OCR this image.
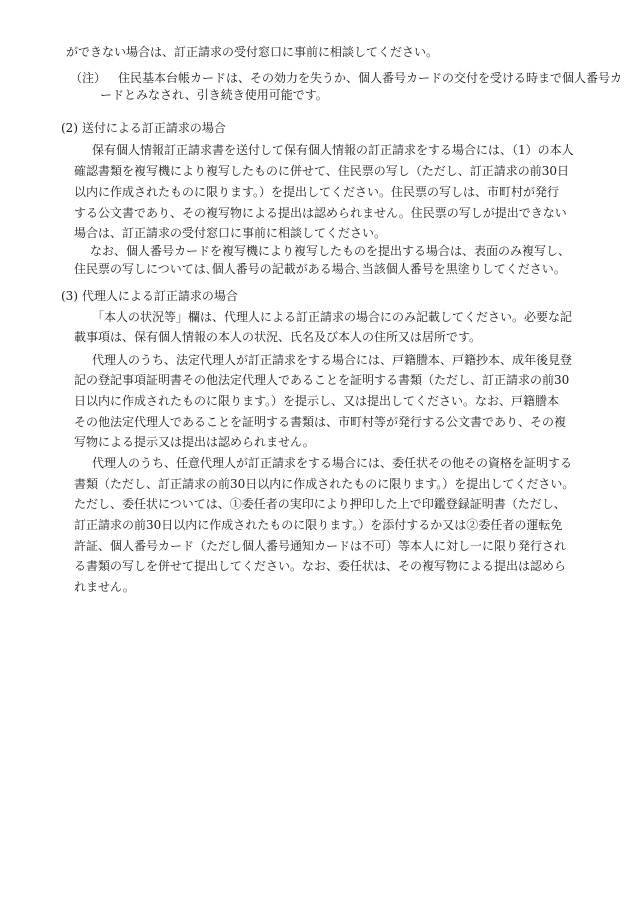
ができない場合は、訂正請求の受付窓口に事前に相談してください。
（注） 住民基本台帳カードは、その効力を失うか、個人番号カードの交付を受ける時まで個人番号カ
ードとみなされ、引き続き使用可能です。
(2) 送付による訂正請求の場合
保有個人情報訂正請求書を送付して保有個人情報の訂正請求をする場合には、（1）の本人
確認書類を複写機により複写したものに併せて、住民票の写し（ただし、訂正請求の前30日
以内に作成されたものに限ります。）を提出してください。住民票の写しは、市町村が発行
する公文書であり、その複写物による提出は認められません。住民票の写しが提出できない
場合は、訂正請求の受付窓口に事前に相談してください。
なお、個人番号カードを複写機により複写したものを提出する場合は、表面のみ複写し、
住民票の写しについては､個人番号の記載がある場合､当該個人番号を黒塗りしてください。
(3) 代理人による訂正請求の場合
「本人の状況等」欄は、代理人による訂正請求の場合にのみ記載してください。必要な記
載事項は、保有個人情報の本人の状況、氏名及び本人の住所又は居所です。
代理人のうち、法定代理人が訂正請求をする場合には、戸籍謄本、戸籍抄本、成年後見登
記の登記事項証明書その他法定代理人であることを証明する書類（ただし、訂正請求の前30
日以内に作成されたものに限ります。）を提示し、又は提出してください。なお、戸籍謄本
その他法定代理人であることを証明する書類は、市町村等が発行する公文書であり、その複
写物による提示又は提出は認められません。
代理人のうち、任意代理人が訂正請求をする場合には、委任状その他その資格を証明する
書類（ただし、訂正請求の前30日以内に作成されたものに限ります。）を提出してください。
ただし、委任状については、①委任者の実印により押印した上で印鑑登録証明書（ただし、
訂正請求の前30日以内に作成されたものに限ります。）を添付するか又は②委任者の運転免
許証、個人番号カード（ただし個人番号通知カードは不可）等本人に対し一に限り発行され
る書類の写しを併せて提出してください。なお、委任状は、その複写物による提出は認めら
れません。
